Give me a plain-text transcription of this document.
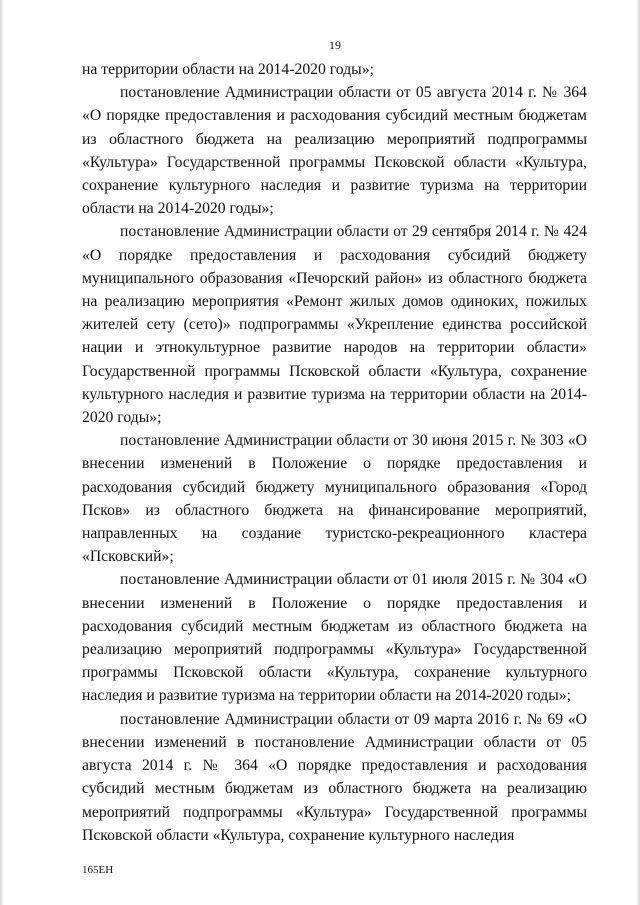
19

на территории области на 2014-2020 годы»;

постановление Администрации области от 05 августа 2014 г. № 364 «О порядке предоставления и расходования субсидий местным бюджетам из областного бюджета на реализацию мероприятий подпрограммы «Культура» Государственной программы Псковской области «Культура, сохранение культурного наследия и развитие туризма на территории области на 2014-2020 годы»;

постановление Администрации области от 29 сентября 2014 г. № 424 «О порядке предоставления и расходования субсидий бюджету муниципального образования «Печорский район» из областного бюджета на реализацию мероприятия «Ремонт жилых домов одиноких, пожилых жителей сету (сето)» подпрограммы «Укрепление единства российской нации и этнокультурное развитие народов на территории области» Государственной программы Псковской области «Культура, сохранение культурного наследия и развитие туризма на территории области на 2014-2020 годы»;

постановление Администрации области от 30 июня 2015 г. № 303 «О внесении изменений в Положение о порядке предоставления и расходования субсидий бюджету муниципального образования «Город Псков» из областного бюджета на финансирование мероприятий, направленных на создание туристско-рекреационного кластера «Псковский»;

постановление Администрации области от 01 июля 2015 г. № 304 «О внесении изменений в Положение о порядке предоставления и расходования субсидий местным бюджетам из областного бюджета на реализацию мероприятий подпрограммы «Культура» Государственной программы Псковской области «Культура, сохранение культурного наследия и развитие туризма на территории области на 2014-2020 годы»;

постановление Администрации области от 09 марта 2016 г. № 69 «О внесении изменений в постановление Администрации области от 05 августа 2014 г. № 364 «О порядке предоставления и расходования субсидий местным бюджетам из областного бюджета на реализацию мероприятий подпрограммы «Культура» Государственной программы Псковской области «Культура, сохранение культурного наследия

165ЕН
